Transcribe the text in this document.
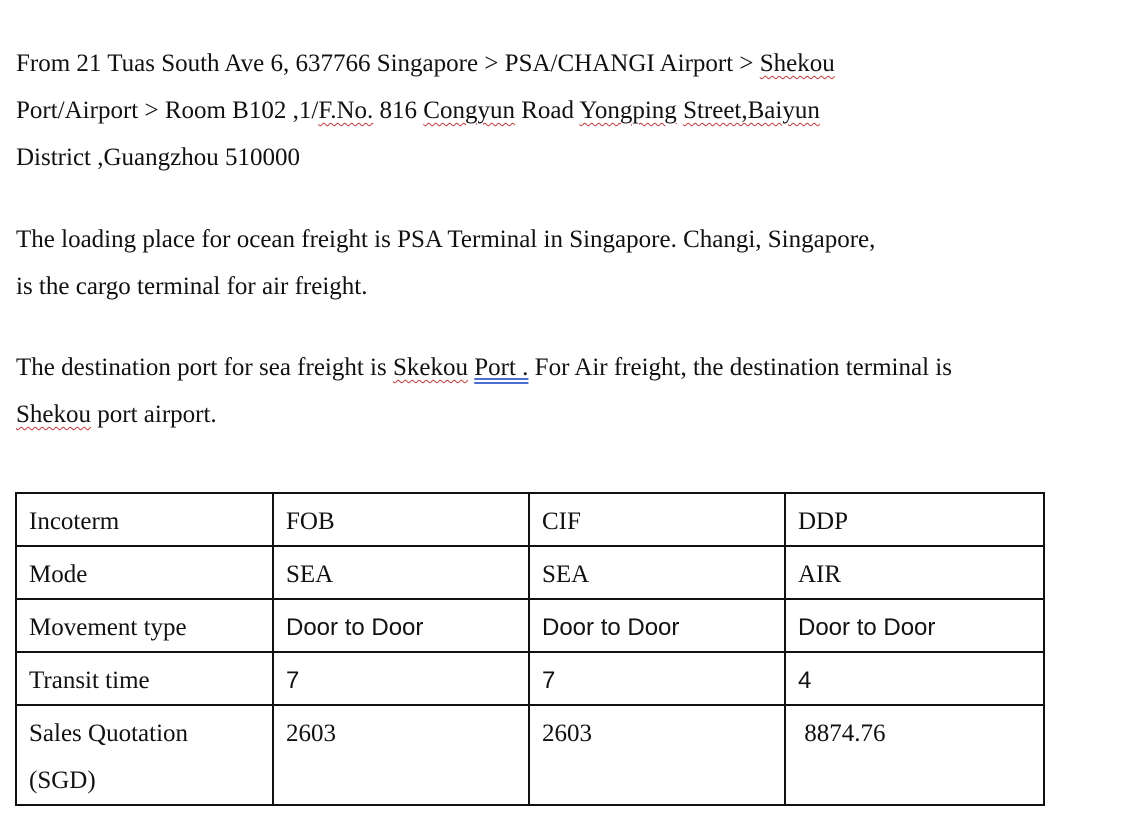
From 21 Tuas South Ave 6, 637766 Singapore > PSA/CHANGI Airport > Shekou
Port/Airport > Room B102 ,1/F.No. 816 Congyun Road Yongping Street,Baiyun
District ,Guangzhou 510000
The loading place for ocean freight is PSA Terminal in Singapore. Changi, Singapore,
is the cargo terminal for air freight.
The destination port for sea freight is Skekou Port . For Air freight, the destination terminal is
Shekou port airport.
Incoterm	FOB	CIF	DDP
Mode	SEA	SEA	AIR
Movement type	Door to Door	Door to Door	Door to Door
Transit time	7	7	4

Sales Quotation
(SGD)	2603	2603	8874.76
